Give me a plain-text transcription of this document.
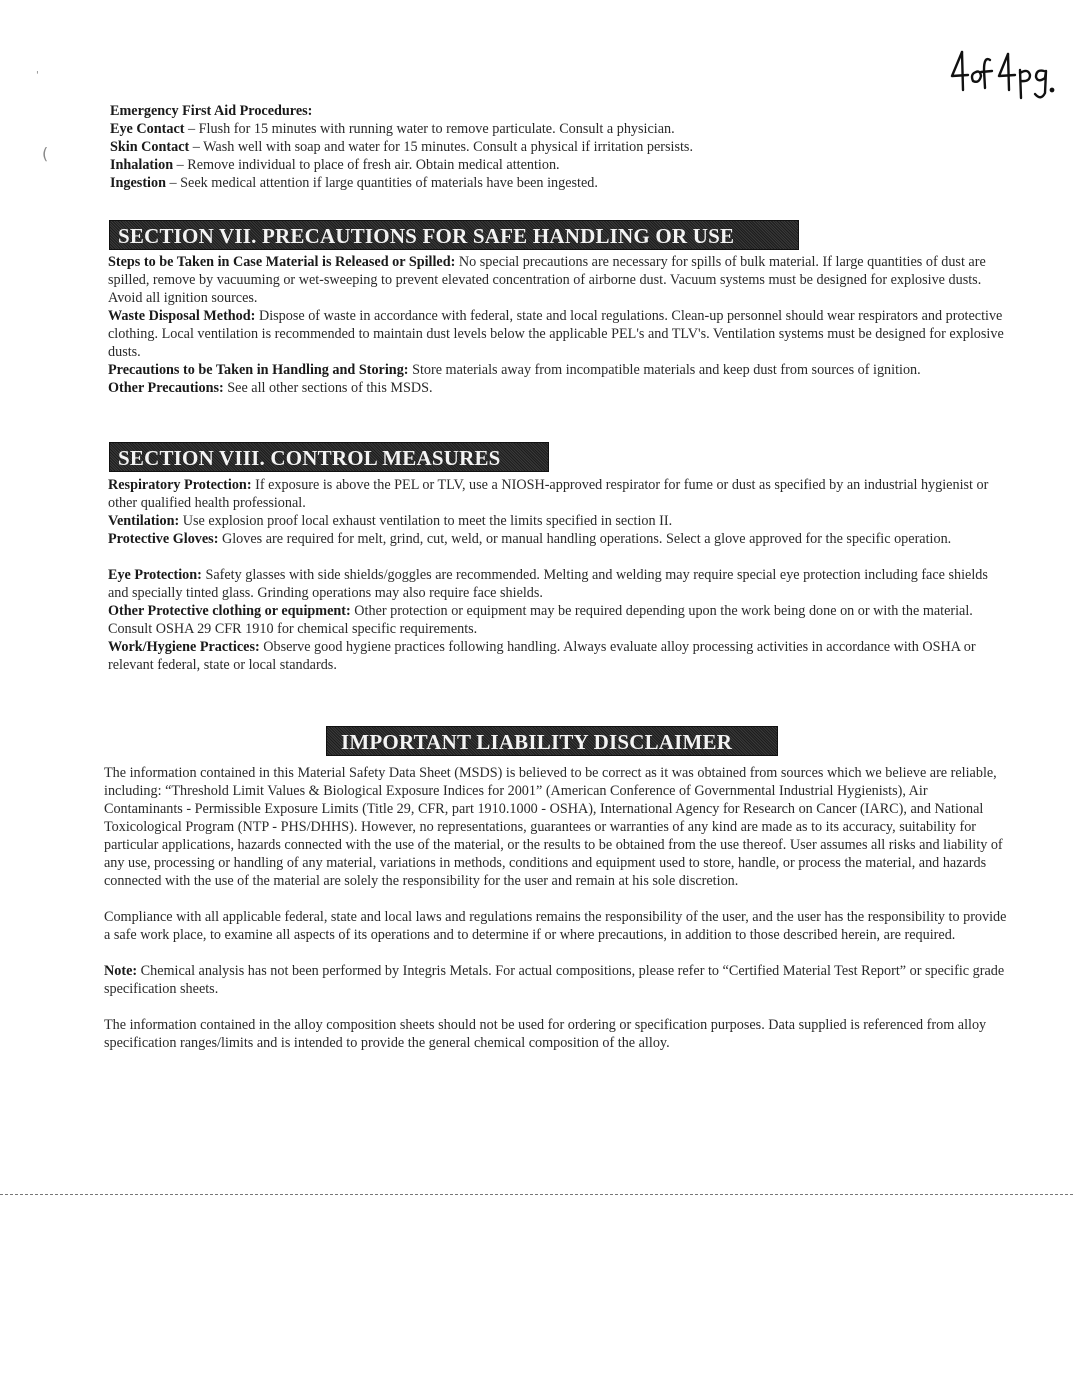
4 of 4pg.
'
(

Emergency First Aid Procedures:

Eye Contact – Flush for 15 minutes with running water to remove particulate. Consult a physician.

Skin Contact – Wash well with soap and water for 15 minutes. Consult a physical if irritation persists.

Inhalation – Remove individual to place of fresh air. Obtain medical attention.

Ingestion – Seek medical attention if large quantities of materials have been ingested.

SECTION VII. PRECAUTIONS FOR SAFE HANDLING OR USE

Steps to be Taken in Case Material is Released or Spilled: No special precautions are necessary for spills of bulk material. If large quantities of dust are spilled, remove by vacuuming or wet-sweeping to prevent elevated concentration of airborne dust. Vacuum systems must be designed for explosive dusts. Avoid all ignition sources.

Waste Disposal Method: Dispose of waste in accordance with federal, state and local regulations. Clean-up personnel should wear respirators and protective clothing. Local ventilation is recommended to maintain dust levels below the applicable PEL's and TLV's. Ventilation systems must be designed for explosive dusts.

Precautions to be Taken in Handling and Storing: Store materials away from incompatible materials and keep dust from sources of ignition.

Other Precautions: See all other sections of this MSDS.

SECTION VIII. CONTROL MEASURES

Respiratory Protection: If exposure is above the PEL or TLV, use a NIOSH-approved respirator for fume or dust as specified by an industrial hygienist or other qualified health professional.

Ventilation: Use explosion proof local exhaust ventilation to meet the limits specified in section II.

Protective Gloves: Gloves are required for melt, grind, cut, weld, or manual handling operations. Select a glove approved for the specific operation.

Eye Protection: Safety glasses with side shields/goggles are recommended. Melting and welding may require special eye protection including face shields and specially tinted glass. Grinding operations may also require face shields.

Other Protective clothing or equipment: Other protection or equipment may be required depending upon the work being done on or with the material. Consult OSHA 29 CFR 1910 for chemical specific requirements.

Work/Hygiene Practices: Observe good hygiene practices following handling. Always evaluate alloy processing activities in accordance with OSHA or relevant federal, state or local standards.

IMPORTANT LIABILITY DISCLAIMER

The information contained in this Material Safety Data Sheet (MSDS) is believed to be correct as it was obtained from sources which we believe are reliable, including: “Threshold Limit Values & Biological Exposure Indices for 2001” (American Conference of Governmental Industrial Hygienists), Air Contaminants - Permissible Exposure Limits (Title 29, CFR, part 1910.1000 - OSHA), International Agency for Research on Cancer (IARC), and National Toxicological Program (NTP - PHS/DHHS). However, no representations, guarantees or warranties of any kind are made as to its accuracy, suitability for particular applications, hazards connected with the use of the material, or the results to be obtained from the use thereof. User assumes all risks and liability of any use, processing or handling of any material, variations in methods, conditions and equipment used to store, handle, or process the material, and hazards connected with the use of the material are solely the responsibility for the user and remain at his sole discretion.

Compliance with all applicable federal, state and local laws and regulations remains the responsibility of the user, and the user has the responsibility to provide a safe work place, to examine all aspects of its operations and to determine if or where precautions, in addition to those described herein, are required.

Note: Chemical analysis has not been performed by Integris Metals. For actual compositions, please refer to “Certified Material Test Report” or specific grade specification sheets.

The information contained in the alloy composition sheets should not be used for ordering or specification purposes. Data supplied is referenced from alloy specification ranges/limits and is intended to provide the general chemical composition of the alloy.
